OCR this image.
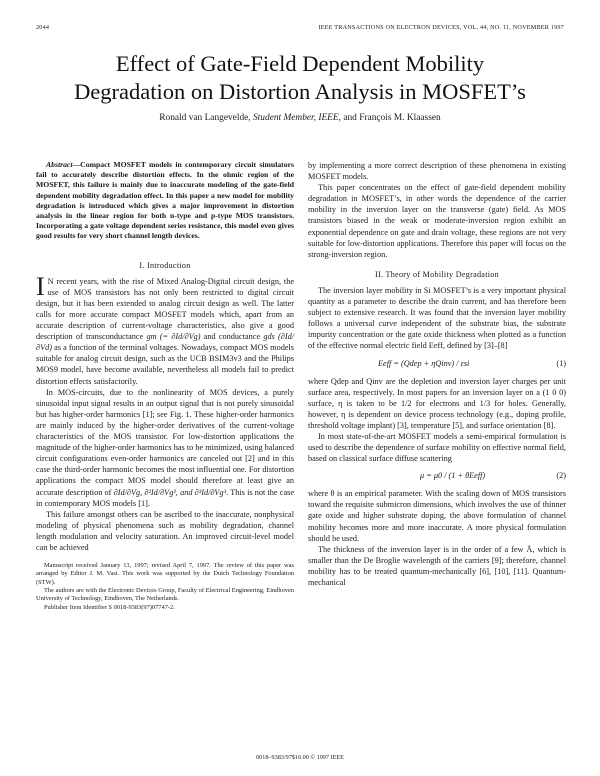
2044	IEEE TRANSACTIONS ON ELECTRON DEVICES, VOL. 44, NO. 11, NOVEMBER 1997
Effect of Gate-Field Dependent Mobility
Degradation on Distortion Analysis in MOSFET’s
Ronald van Langevelde, Student Member, IEEE, and François M. Klaassen

Abstract—Compact MOSFET models in contemporary circuit simulators fail to accurately describe distortion effects. In the ohmic region of the MOSFET, this failure is mainly due to inaccurate modeling of the gate-field dependent mobility degradation effect. In this paper a new model for mobility degradation is introduced which gives a major improvement in distortion analysis in the linear region for both n-type and p-type MOS transistors. Incorporating a gate voltage dependent series resistance, this model even gives good results for very short channel length devices.

I. Introduction

I N recent years, with the rise of Mixed Analog-Digital circuit design, the use of MOS transistors has not only been restricted to digital circuit design, but it has been extended to analog circuit design as well. The latter calls for more accurate compact MOSFET models which, apart from an accurate description of current-voltage characteristics, also give a good description of transconductance gm (= ∂Id/∂Vg) and conductance gds (∂Id/∂Vd) as a function of the terminal voltages. Nowadays, compact MOS models suitable for analog circuit design, such as the UCB BSIM3v3 and the Philips MOS9 model, have become available, nevertheless all models fail to predict distortion effects satisfactorily.

In MOS-circuits, due to the nonlinearity of MOS devices, a purely sinusoidal input signal results in an output signal that is not purely sinusoidal but has higher-order harmonics [1]; see Fig. 1. These higher-order harmonics are mainly induced by the higher-order derivatives of the current-voltage characteristics of the MOS transistor. For low-distortion applications the magnitude of the higher-order harmonics has to be minimized, using balanced circuit configurations even-order harmonics are canceled out [2] and in this case the third-order harmonic becomes the most influential one. For distortion applications the compact MOS model should therefore at least give an accurate description of ∂Id/∂Vg, ∂²Id/∂Vg², and ∂³Id/∂Vg³. This is not the case in contemporary MOS models [1].

This failure amongst others can be ascribed to the inaccurate, nonphysical modeling of physical phenomena such as mobility degradation, channel length modulation and velocity saturation. An improved circuit-level model can be achieved

Manuscript received January 13, 1997; revised April 7, 1997. The review of this paper was arranged by Editor J. M. Vasi. This work was supported by the Dutch Technology Foundation (STW).

The authors are with the Electronic Devices Group, Faculty of Electrical Engineering, Eindhoven University of Technology, Eindhoven, The Netherlands.

Publisher Item Identifier S 0018-9383(97)07747-2.

by implementing a more correct description of these phenomena in existing MOSFET models.

This paper concentrates on the effect of gate-field dependent mobility degradation in MOSFET’s, in other words the dependence of the carrier mobility in the inversion layer on the transverse (gate) field. As MOS transistors biased in the weak or moderate-inversion region exhibit an exponential dependence on gate and drain voltage, these regions are not very suitable for low-distortion applications. Therefore this paper will focus on the strong-inversion region.

II. Theory of Mobility Degradation

The inversion layer mobility in Si MOSFET’s is a very important physical quantity as a parameter to describe the drain current, and has therefore been subject to extensive research. It was found that the inversion layer mobility follows a universal curve independent of the substrate bias, the substrate impurity concentration or the gate oxide thickness when plotted as a function of the effective normal electric field Eeff, defined by [3]–[8]

Eeff = (Qdep + ηQinv) / εsi	(1)

where Qdep and Qinv are the depletion and inversion layer charges per unit surface area, respectively. In most papers for an inversion layer on a (1 0 0) surface, η is taken to be 1/2 for electrons and 1/3 for holes. Generally, however, η is dependent on device process technology (e.g., doping profile, threshold voltage implant) [3], temperature [5], and surface orientation [8].

In most state-of-the-art MOSFET models a semi-empirical formulation is used to describe the dependence of surface mobility on effective normal field, based on classical surface diffuse scattering

μ = μ0 / (1 + θEeff)	(2)

where θ is an empirical parameter. With the scaling down of MOS transistors toward the requisite submicron dimensions, which involves the use of thinner gate oxide and higher substrate doping, the above formulation of channel mobility becomes more and more inaccurate. A more physical formulation should be used.

The thickness of the inversion layer is in the order of a few Å, which is smaller than the De Broglie wavelength of the carriers [9]; therefore, channel mobility has to be treated quantum-mechanically [6], [10], [11]. Quantum-mechanical

0018–9383/97$10.00 © 1997 IEEE
